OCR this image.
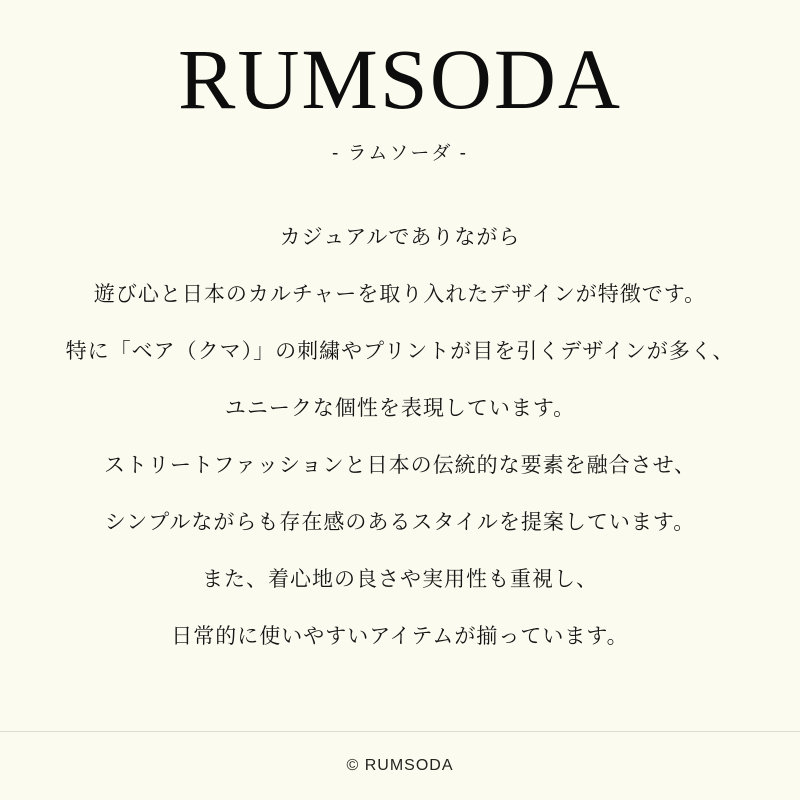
RUMSODA
- ラムソーダ -

カジュアルでありながら

遊び心と日本のカルチャーを取り入れたデザインが特徴です。

特に「ベア（クマ）」の刺繍やプリントが目を引くデザインが多く、

ユニークな個性を表現しています。

ストリートファッションと日本の伝統的な要素を融合させ、

シンプルながらも存在感のあるスタイルを提案しています。

また、着心地の良さや実用性も重視し、

日常的に使いやすいアイテムが揃っています。

© RUMSODA
